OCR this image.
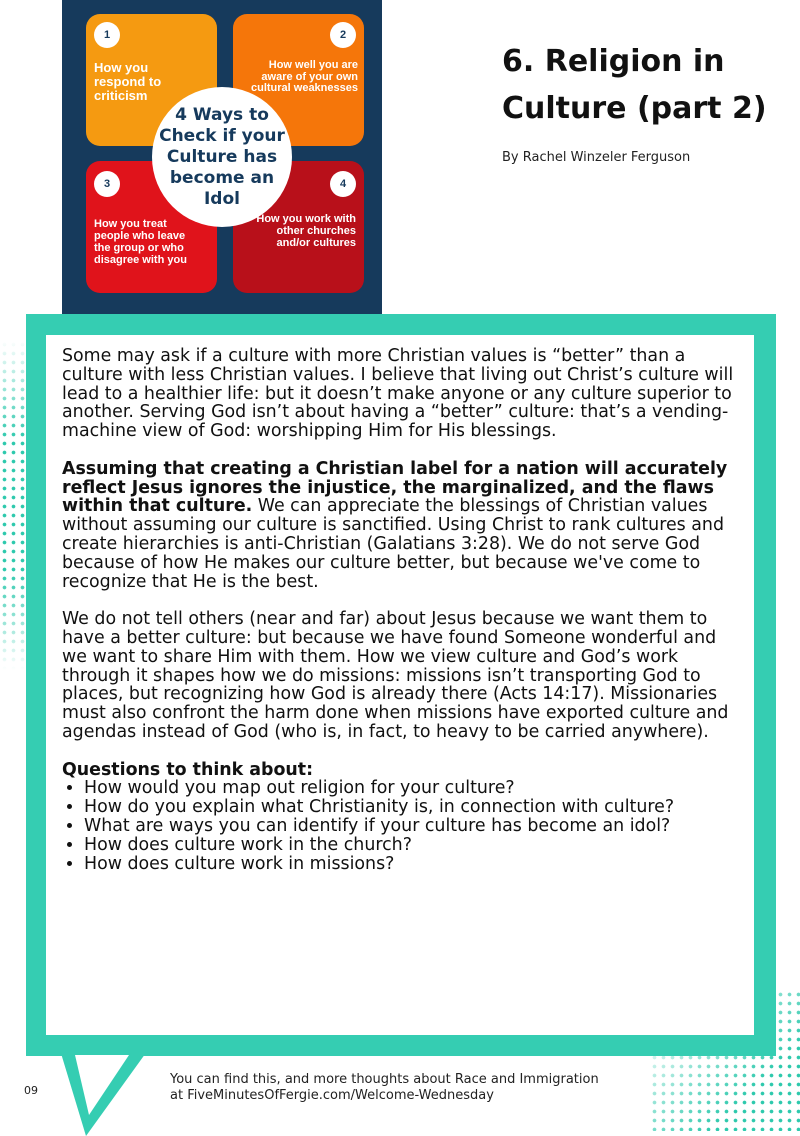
1
How you respond to criticism
2
How well you are aware of your own cultural weaknesses
3
How you treat people who leave the group or who disagree with you
4
How you work with other churches and/or cultures
4 Ways to Check if your Culture has become an Idol
6. Religion in Culture (part 2)
By Rachel Winzeler Ferguson

Some may ask if a culture with more Christian values is “better” than a culture with less Christian values. I believe that living out Christ’s culture will lead to a healthier life: but it doesn’t make anyone or any culture superior to another. Serving God isn’t about having a “better” culture: that’s a vending-machine view of God: worshipping Him for His blessings.

Assuming that creating a Christian label for a nation will accurately reflect Jesus ignores the injustice, the marginalized, and the flaws within that culture. We can appreciate the blessings of Christian values without assuming our culture is sanctified. Using Christ to rank cultures and create hierarchies is anti-Christian (Galatians 3:28). We do not serve God because of how He makes our culture better, but because we've come to recognize that He is the best.

We do not tell others (near and far) about Jesus because we want them to have a better culture: but because we have found Someone wonderful and we want to share Him with them. How we view culture and God’s work through it shapes how we do missions: missions isn’t transporting God to places, but recognizing how God is already there (Acts 14:17). Missionaries must also confront the harm done when missions have exported culture and agendas instead of God (who is, in fact, to heavy to be carried anywhere).

Questions to think about:

• How would you map out religion for your culture?
• How do you explain what Christianity is, in connection with culture?
• What are ways you can identify if your culture has become an idol?
• How does culture work in the church?
• How does culture work in missions?
09
You can find this, and more thoughts about Race and Immigration
at FiveMinutesOfFergie.com/Welcome-Wednesday
